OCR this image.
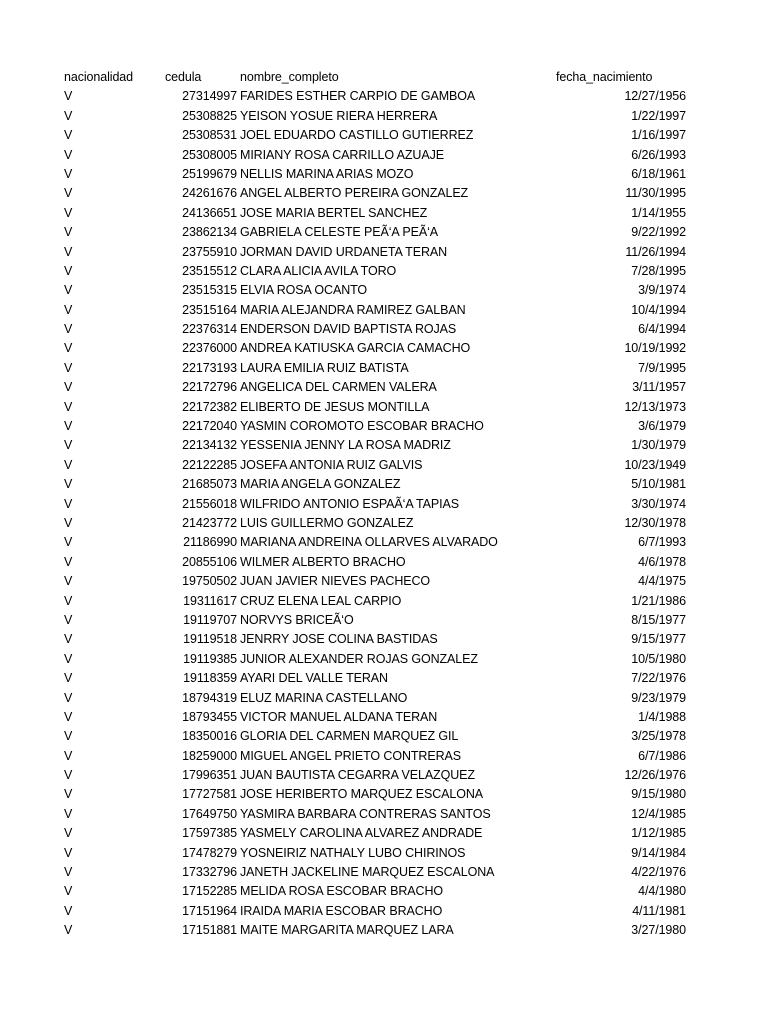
nacionalidad	cedula	nombre_completo	fecha_nacimiento
V	27314997 FARIDES ESTHER CARPIO DE GAMBOA	12/27/1956
V	25308825 YEISON YOSUE RIERA HERRERA	1/22/1997
V	25308531 JOEL EDUARDO CASTILLO GUTIERREZ	1/16/1997
V	25308005 MIRIANY ROSA CARRILLO AZUAJE	6/26/1993
V	25199679 NELLIS MARINA ARIAS MOZO	6/18/1961
V	24261676 ANGEL ALBERTO PEREIRA GONZALEZ	11/30/1995
V	24136651 JOSE MARIA BERTEL SANCHEZ	1/14/1955
V	23862134 GABRIELA CELESTE PEÃ‘A PEÃ‘A	9/22/1992
V	23755910 JORMAN DAVID URDANETA TERAN	11/26/1994
V	23515512 CLARA ALICIA AVILA TORO	7/28/1995
V	23515315 ELVIA ROSA OCANTO	3/9/1974
V	23515164 MARIA ALEJANDRA RAMIREZ GALBAN	10/4/1994
V	22376314 ENDERSON DAVID BAPTISTA ROJAS	6/4/1994
V	22376000 ANDREA KATIUSKA GARCIA CAMACHO	10/19/1992
V	22173193 LAURA EMILIA RUIZ BATISTA	7/9/1995
V	22172796 ANGELICA DEL CARMEN VALERA	3/11/1957
V	22172382 ELIBERTO DE JESUS MONTILLA	12/13/1973
V	22172040 YASMIN COROMOTO ESCOBAR BRACHO	3/6/1979
V	22134132 YESSENIA JENNY LA ROSA MADRIZ	1/30/1979
V	22122285 JOSEFA ANTONIA RUIZ GALVIS	10/23/1949
V	21685073 MARIA ANGELA GONZALEZ	5/10/1981
V	21556018 WILFRIDO ANTONIO ESPAÃ‘A TAPIAS	3/30/1974
V	21423772 LUIS GUILLERMO GONZALEZ	12/30/1978
V	21186990 MARIANA ANDREINA OLLARVES ALVARADO	6/7/1993
V	20855106 WILMER ALBERTO BRACHO	4/6/1978
V	19750502 JUAN JAVIER NIEVES PACHECO	4/4/1975
V	19311617 CRUZ ELENA LEAL CARPIO	1/21/1986
V	19119707 NORVYS BRICEÃ‘O	8/15/1977
V	19119518 JENRRY JOSE COLINA BASTIDAS	9/15/1977
V	19119385 JUNIOR ALEXANDER ROJAS GONZALEZ	10/5/1980
V	19118359 AYARI DEL VALLE TERAN	7/22/1976
V	18794319 ELUZ MARINA CASTELLANO	9/23/1979
V	18793455 VICTOR MANUEL ALDANA TERAN	1/4/1988
V	18350016 GLORIA DEL CARMEN MARQUEZ GIL	3/25/1978
V	18259000 MIGUEL ANGEL PRIETO CONTRERAS	6/7/1986
V	17996351 JUAN BAUTISTA CEGARRA VELAZQUEZ	12/26/1976
V	17727581 JOSE HERIBERTO MARQUEZ ESCALONA	9/15/1980
V	17649750 YASMIRA BARBARA CONTRERAS SANTOS	12/4/1985
V	17597385 YASMELY CAROLINA ALVAREZ ANDRADE	1/12/1985
V	17478279 YOSNEIRIZ NATHALY LUBO CHIRINOS	9/14/1984
V	17332796 JANETH JACKELINE MARQUEZ ESCALONA	4/22/1976
V	17152285 MELIDA ROSA ESCOBAR BRACHO	4/4/1980
V	17151964 IRAIDA MARIA ESCOBAR BRACHO	4/11/1981
V	17151881 MAITE MARGARITA MARQUEZ LARA	3/27/1980
